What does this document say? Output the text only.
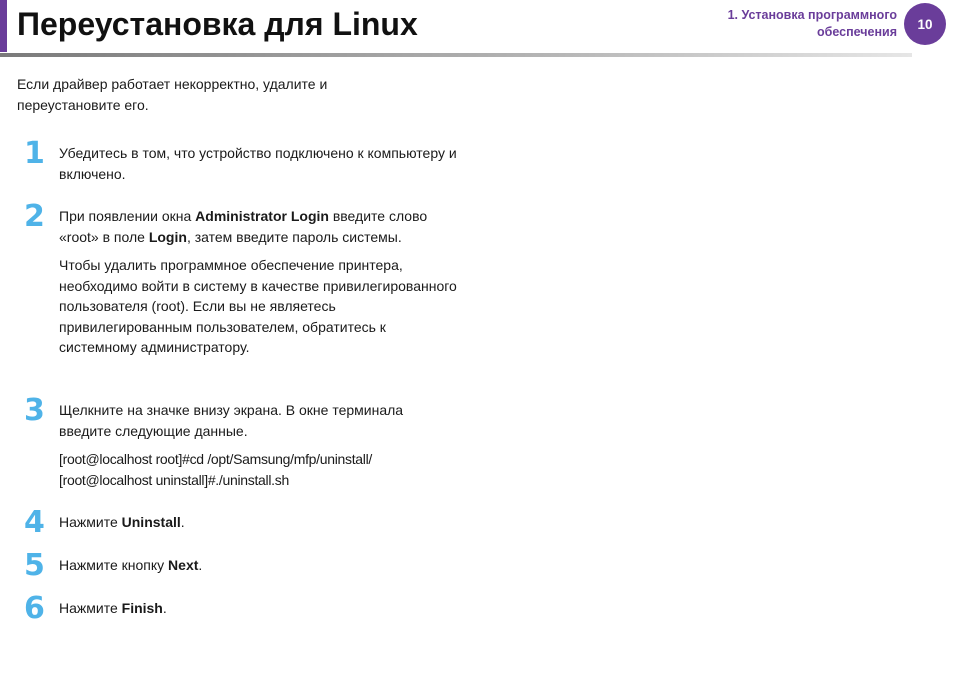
Переустановка для Linux	1. Установка программного
обеспечения
10

Если драйвер работает некорректно, удалите и переустановите его.

1	Убедитесь в том, что устройство подключено к компьютеру и включено.

2	При появлении окна Administrator Login введите слово «root» в поле Login, затем введите пароль системы.

Чтобы удалить программное обеспечение принтера, необходимо войти в систему в качестве привилегированного пользователя (root). Если вы не являетесь привилегированным пользователем, обратитесь к системному администратору.

3	Щелкните на значке внизу экрана. В окне терминала введите следующие данные.

[root@localhost root]#cd /opt/Samsung/mfp/uninstall/
[root@localhost uninstall]#./uninstall.sh

4	Нажмите Uninstall.

5	Нажмите кнопку Next.

6	Нажмите Finish.
